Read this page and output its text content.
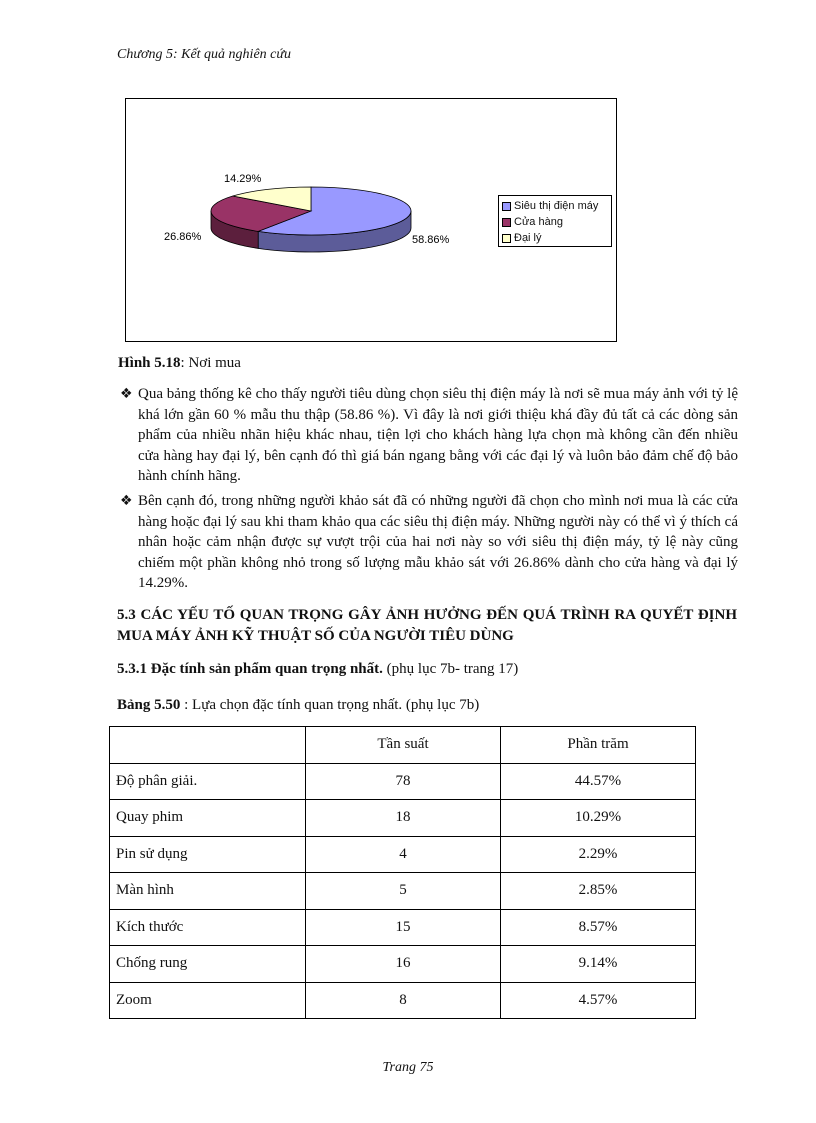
Chương 5: Kết quả nghiên cứu
14.29%
26.86%	58.86%
Siêu thị điện máy
Cửa hàng
Đại lý
Hình 5.18: Nơi mua
❖ Qua bảng thống kê cho thấy người tiêu dùng chọn siêu thị điện máy là nơi sẽ mua máy ảnh với tỷ lệ khá lớn gần 60 % mẫu thu thập (58.86 %). Vì đây là nơi giới thiệu khá đầy đủ tất cả các dòng sản phẩm của nhiều nhãn hiệu khác nhau, tiện lợi cho khách hàng lựa chọn mà không cần đến nhiều cửa hàng hay đại lý, bên cạnh đó thì giá bán ngang bằng với các đại lý và luôn bảo đảm chế độ bảo hành chính hãng.
❖ Bên cạnh đó, trong những người khảo sát đã có những người đã chọn cho mình nơi mua là các cửa hàng hoặc đại lý sau khi tham khảo qua các siêu thị điện máy. Những người này có thể vì ý thích cá nhân hoặc cảm nhận được sự vượt trội của hai nơi này so với siêu thị điện máy, tỷ lệ này cũng chiếm một phần không nhỏ trong số lượng mẫu khảo sát với 26.86% dành cho cửa hàng và đại lý 14.29%.
5.3 CÁC YẾU TỐ QUAN TRỌNG GÂY ẢNH HƯỞNG ĐẾN QUÁ TRÌNH RA QUYẾT ĐỊNH MUA MÁY ẢNH KỸ THUẬT SỐ CỦA NGƯỜI TIÊU DÙNG
5.3.1 Đặc tính sản phẩm quan trọng nhất. (phụ lục 7b- trang 17)
Bảng 5.50 : Lựa chọn đặc tính quan trọng nhất. (phụ lục 7b)
	Tần suất	Phần trăm
Độ phân giải.	78	44.57%
Quay phim	18	10.29%
Pin sử dụng	4	2.29%
Màn hình	5	2.85%
Kích thước	15	8.57%
Chống rung	16	9.14%
Zoom	8	4.57%
Trang 75
